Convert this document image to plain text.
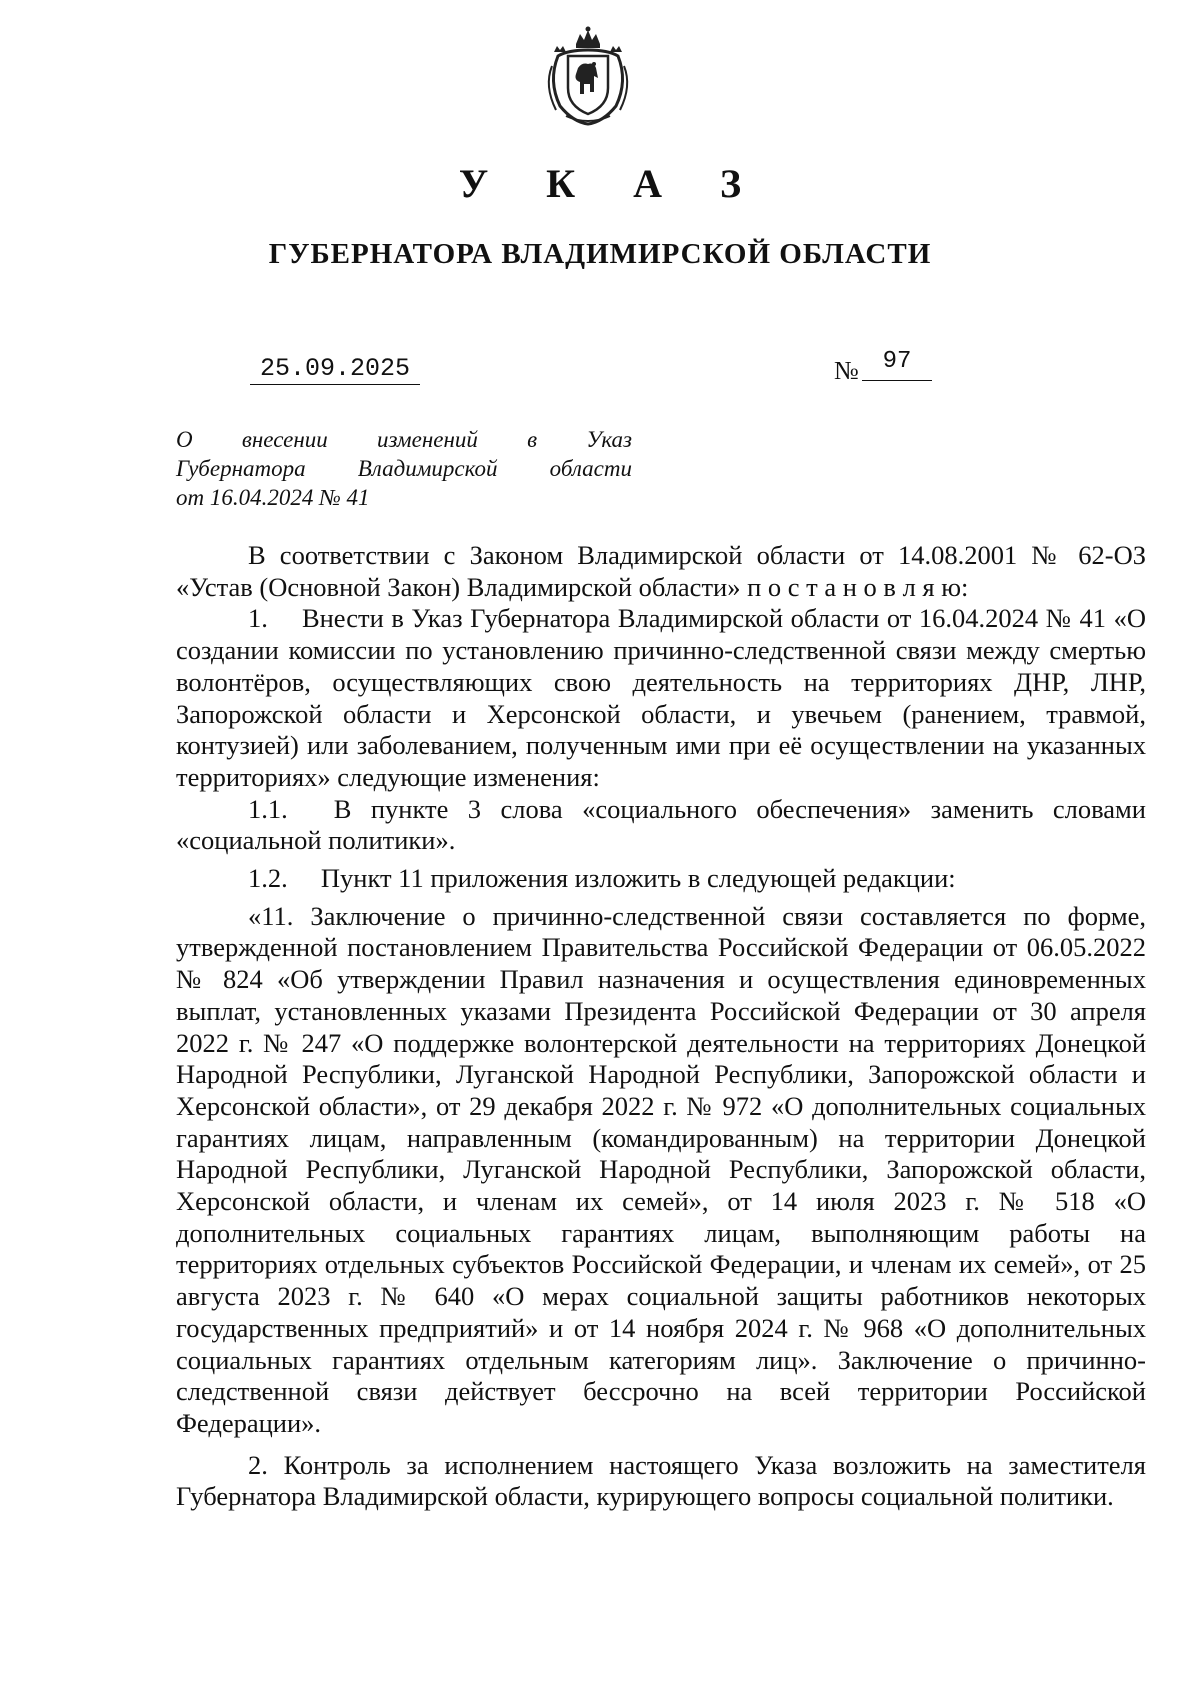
У К А З
ГУБЕРНАТОРА ВЛАДИМИРСКОЙ ОБЛАСТИ
25.09.2025	№ 97
О внесении изменений в Указ
Губернатора Владимирской области
от 16.04.2024 № 41

В соответствии с Законом Владимирской области от 14.08.2001 № 62-ОЗ «Устав (Основной Закон) Владимирской области» п о с т а н о в л я ю:

1.  Внести в Указ Губернатора Владимирской области от 16.04.2024 № 41 «О создании комиссии по установлению причинно-следственной связи между смертью волонтёров, осуществляющих свою деятельность на территориях ДНР, ЛНР, Запорожской области и Херсонской области, и увечьем (ранением, травмой, контузией) или заболеванием, полученным ими при её осуществлении на указанных территориях» следующие изменения:

1.1.  В пункте 3 слова «социального обеспечения» заменить словами «социальной политики».

1.2.  Пункт 11 приложения изложить в следующей редакции:

«11. Заключение о причинно-следственной связи составляется по форме, утвержденной постановлением Правительства Российской Федерации от 06.05.2022 № 824 «Об утверждении Правил назначения и осуществления единовременных выплат, установленных указами Президента Российской Федерации от 30 апреля 2022 г. № 247 «О поддержке волонтерской деятельности на территориях Донецкой Народной Республики, Луганской Народной Республики, Запорожской области и Херсонской области», от 29 декабря 2022 г. № 972 «О дополнительных социальных гарантиях лицам, направленным (командированным) на территории Донецкой Народной Республики, Луганской Народной Республики, Запорожской области, Херсонской области, и членам их семей», от 14 июля 2023 г. № 518 «О дополнительных социальных гарантиях лицам, выполняющим работы на территориях отдельных субъектов Российской Федерации, и членам их семей», от 25 августа 2023 г. № 640 «О мерах социальной защиты работников некоторых государственных предприятий» и от 14 ноября 2024 г. № 968 «О дополнительных социальных гарантиях отдельным категориям лиц». Заключение о причинно-следственной связи действует бессрочно на всей территории Российской Федерации».

2. Контроль за исполнением настоящего Указа возложить на заместителя Губернатора Владимирской области, курирующего вопросы социальной политики.
